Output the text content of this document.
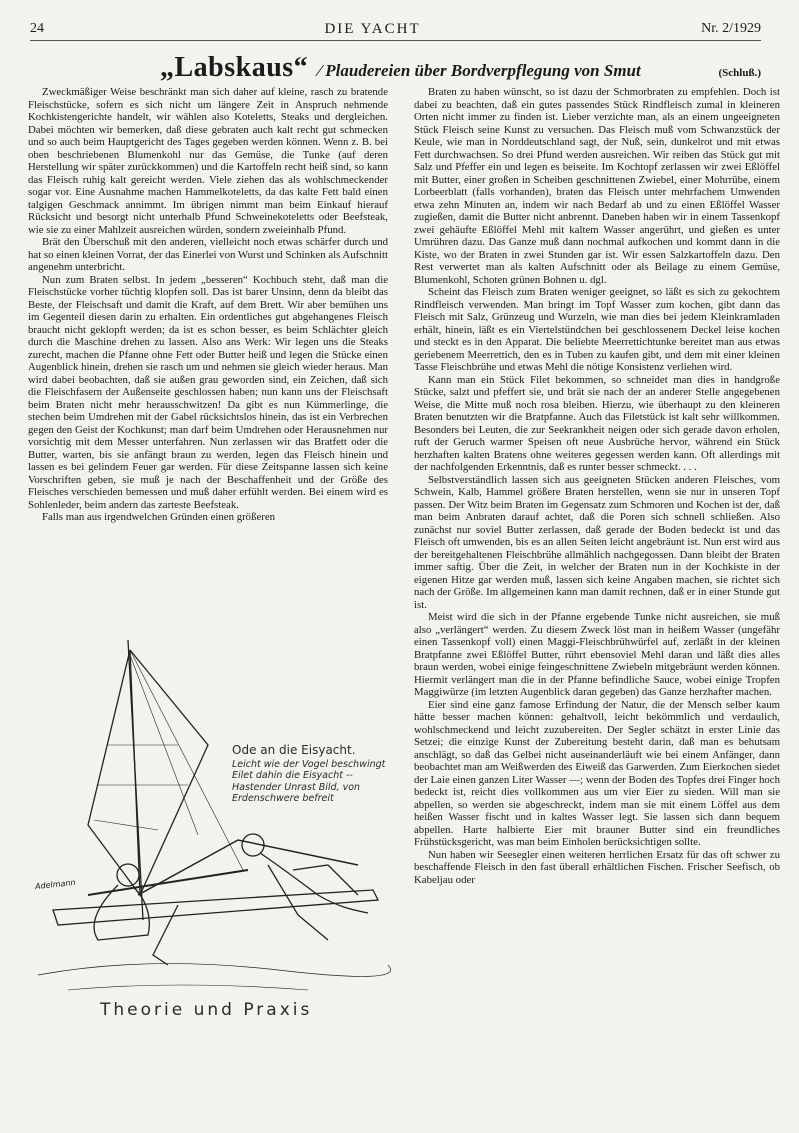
24	DIE YACHT	Nr. 2/1929
„Labskaus“ ⁄ Plaudereien über Bordverpflegung von Smut	(Schluß.)

Zweckmäßiger Weise beschränkt man sich daher auf kleine, rasch zu bratende Fleischstücke, sofern es sich nicht um längere Zeit in Anspruch nehmende Kochkistengerichte handelt, wir wählen also Koteletts, Steaks und dergleichen. Dabei möchten wir bemerken, daß diese gebraten auch kalt recht gut schmecken und so auch beim Hauptgericht des Tages gegeben werden können. Wenn z. B. bei oben beschriebenen Blumenkohl nur das Gemüse, die Tunke (auf deren Herstellung wir später zurückkommen) und die Kartoffeln recht heiß sind, so kann das Fleisch ruhig kalt gereicht werden. Viele ziehen das als wohlschmeckender sogar vor. Eine Ausnahme machen Hammelkoteletts, da das kalte Fett bald einen talgigen Geschmack annimmt. Im übrigen nimmt man beim Einkauf hierauf Rücksicht und besorgt nicht unterhalb Pfund Schweinekoteletts oder Beefsteak, wie sie zu einer Mahlzeit ausreichen würden, sondern zweieinhalb Pfund.

Brät den Überschuß mit den anderen, vielleicht noch etwas schärfer durch und hat so einen kleinen Vorrat, der das Einerlei von Wurst und Schinken als Aufschnitt angenehm unterbricht.

Nun zum Braten selbst. In jedem „besseren“ Kochbuch steht, daß man die Fleischstücke vorher tüchtig klopfen soll. Das ist barer Unsinn, denn da bleibt das Beste, der Fleischsaft und damit die Kraft, auf dem Brett. Wir aber bemühen uns im Gegenteil diesen darin zu erhalten. Ein ordentliches gut abgehangenes Fleisch braucht nicht geklopft werden; da ist es schon besser, es beim Schlächter gleich durch die Maschine drehen zu lassen. Also ans Werk: Wir legen uns die Steaks zurecht, machen die Pfanne ohne Fett oder Butter heiß und legen die Stücke einen Augenblick hinein, drehen sie rasch um und nehmen sie gleich wieder heraus. Man wird dabei beobachten, daß sie außen grau geworden sind, ein Zeichen, daß sich die Fleischfasern der Außenseite geschlossen haben; nun kann uns der Fleischsaft beim Braten nicht mehr herausschwitzen! Da gibt es nun Kümmerlinge, die stechen beim Umdrehen mit der Gabel rücksichtslos hinein, das ist ein Verbrechen gegen den Geist der Kochkunst; man darf beim Umdrehen oder Herausnehmen nur vorsichtig mit dem Messer unterfahren. Nun zerlassen wir das Bratfett oder die Butter, warten, bis sie anfängt braun zu werden, legen das Fleisch hinein und lassen es bei gelindem Feuer gar werden. Für diese Zeitspanne lassen sich keine Vorschriften geben, sie muß je nach der Beschaffenheit und der Größe des Fleisches verschieden bemessen und muß daher erfühlt werden. Bei einem wird es Sohlenleder, beim andern das zarteste Beefsteak.

Falls man aus irgendwelchen Gründen einen größeren

Braten zu haben wünscht, so ist dazu der Schmorbraten zu empfehlen. Doch ist dabei zu beachten, daß ein gutes passendes Stück Rindfleisch zumal in kleineren Orten nicht immer zu finden ist. Lieber verzichte man, als an einem ungeeigneten Stück Fleisch seine Kunst zu versuchen. Das Fleisch muß vom Schwanzstück der Keule, wie man in Norddeutschland sagt, der Nuß, sein, dunkelrot und mit etwas Fett durchwachsen. So drei Pfund werden ausreichen. Wir reiben das Stück gut mit Salz und Pfeffer ein und legen es beiseite. Im Kochtopf zerlassen wir zwei Eßlöffel mit Butter, einer großen in Scheiben geschnittenen Zwiebel, einer Mohrrübe, einem Lorbeerblatt (falls vorhanden), braten das Fleisch unter mehrfachem Umwenden etwa zehn Minuten an, indem wir nach Bedarf ab und zu einen Eßlöffel Wasser zugießen, damit die Butter nicht anbrennt. Daneben haben wir in einem Tassenkopf zwei gehäufte Eßlöffel Mehl mit kaltem Wasser angerührt, und gießen es unter Umrühren dazu. Das Ganze muß dann nochmal aufkochen und kommt dann in die Kiste, wo der Braten in zwei Stunden gar ist. Wir essen Salzkartoffeln dazu. Den Rest verwertet man als kalten Aufschnitt oder als Beilage zu einem Gemüse, Blumenkohl, Schoten grünen Bohnen u. dgl.

Scheint das Fleisch zum Braten weniger geeignet, so läßt es sich zu gekochtem Rindfleisch verwenden. Man bringt im Topf Wasser zum kochen, gibt dann das Fleisch mit Salz, Grünzeug und Wurzeln, wie man dies bei jedem Kleinkramladen erhält, hinein, läßt es ein Viertelstündchen bei geschlossenem Deckel leise kochen und steckt es in den Apparat. Die beliebte Meerrettichtunke bereitet man aus etwas geriebenem Meerrettich, den es in Tuben zu kaufen gibt, und dem mit einer kleinen Tasse Fleischbrühe und etwas Mehl die nötige Konsistenz verliehen wird.

Kann man ein Stück Filet bekommen, so schneidet man dies in handgroße Stücke, salzt und pfeffert sie, und brät sie nach der an anderer Stelle angegebenen Weise, die Mitte muß noch rosa bleiben. Hierzu, wie überhaupt zu den kleineren Braten benutzten wir die Bratpfanne. Auch das Filetstück ist kalt sehr willkommen. Besonders bei Leuten, die zur Seekrankheit neigen oder sich gerade davon erholen, ruft der Geruch warmer Speisen oft neue Ausbrüche hervor, während ein Stück herzhaften kalten Bratens ohne weiteres gegessen werden kann. Oft allerdings mit der nachfolgenden Erkenntnis, daß es runter besser schmeckt. . . .

Selbstverständlich lassen sich aus geeigneten Stücken anderen Fleisches, vom Schwein, Kalb, Hammel größere Braten herstellen, wenn sie nur in unseren Topf passen. Der Witz beim Braten im Gegensatz zum Schmoren und Kochen ist der, daß man beim Anbraten darauf achtet, daß die Poren sich schnell schließen. Also zunächst nur soviel Butter zerlassen, daß gerade der Boden bedeckt ist und das Fleisch oft umwenden, bis es an allen Seiten leicht angebräunt ist. Nun erst wird aus der bereitgehaltenen Fleischbrühe allmählich nachgegossen. Dann bleibt der Braten immer saftig. Über die Zeit, in welcher der Braten nun in der Kochkiste in der eigenen Hitze gar werden muß, lassen sich keine Angaben machen, sie richtet sich nach der Größe. Im allgemeinen kann man damit rechnen, daß er in einer Stunde gut ist.

Meist wird die sich in der Pfanne ergebende Tunke nicht ausreichen, sie muß also „verlängert“ werden. Zu diesem Zweck löst man in heißem Wasser (ungefähr einen Tassenkopf voll) einen Maggi-Fleischbrühwürfel auf, zerläßt in der kleinen Bratpfanne zwei Eßlöffel Butter, rührt ebensoviel Mehl daran und läßt dies alles braun werden, wobei einige feingeschnittene Zwiebeln mitgebräunt werden können. Hiermit verlängert man die in der Pfanne befindliche Sauce, wobei einige Tropfen Maggiwürze (im letzten Augenblick daran gegeben) das Ganze herzhafter machen.

Eier sind eine ganz famose Erfindung der Natur, die der Mensch selber kaum hätte besser machen können: gehaltvoll, leicht bekömmlich und verdaulich, wohlschmeckend und leicht zuzubereiten. Der Segler schätzt in erster Linie das Setzei; die einzige Kunst der Zubereitung besteht darin, daß man es behutsam anschlägt, so daß das Gelbei nicht auseinanderläuft wie bei einem Anfänger, dann beobachtet man am Weißwerden des Eiweiß das Garwerden. Zum Eierkochen siedet der Laie einen ganzen Liter Wasser —; wenn der Boden des Topfes drei Finger hoch bedeckt ist, reicht dies vollkommen aus um vier Eier zu sieden. Will man sie abpellen, so werden sie abgeschreckt, indem man sie mit einem Löffel aus dem heißen Wasser fischt und in kaltes Wasser legt. Sie lassen sich dann bequem abpellen. Harte halbierte Eier mit brauner Butter sind ein freundliches Frühstücksgericht, was man beim Einholen berücksichtigen sollte.

Nun haben wir Seesegler einen weiteren herrlichen Ersatz für das oft schwer zu beschaffende Fleisch in den fast überall erhältlichen Fischen. Frischer Seefisch, ob Kabeljau oder

Ode an die Eisyacht.
Leicht wie der Vogel beschwingt
Eilet dahin die Eisyacht --
Hastender Unrast Bild, von
Erdenschwere befreit
Adelmann
Theorie und Praxis
